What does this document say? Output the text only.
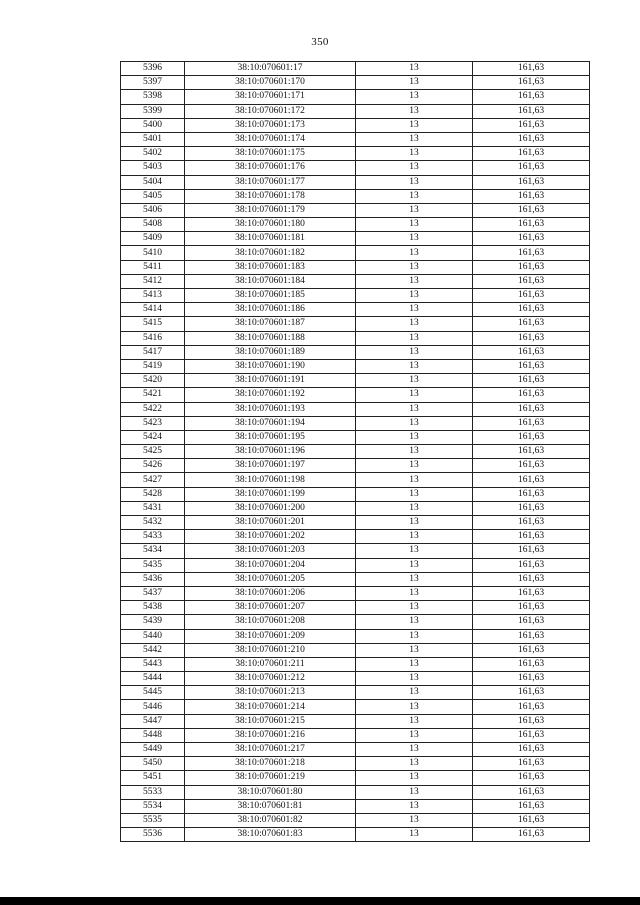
350
5396	38:10:070601:17	13	161,63
5397	38:10:070601:170	13	161,63
5398	38:10:070601:171	13	161,63
5399	38:10:070601:172	13	161,63
5400	38:10:070601:173	13	161,63
5401	38:10:070601:174	13	161,63
5402	38:10:070601:175	13	161,63
5403	38:10:070601:176	13	161,63
5404	38:10:070601:177	13	161,63
5405	38:10:070601:178	13	161,63
5406	38:10:070601:179	13	161,63
5408	38:10:070601:180	13	161,63
5409	38:10:070601:181	13	161,63
5410	38:10:070601:182	13	161,63
5411	38:10:070601:183	13	161,63
5412	38:10:070601:184	13	161,63
5413	38:10:070601:185	13	161,63
5414	38:10:070601:186	13	161,63
5415	38:10:070601:187	13	161,63
5416	38:10:070601:188	13	161,63
5417	38:10:070601:189	13	161,63
5419	38:10:070601:190	13	161,63
5420	38:10:070601:191	13	161,63
5421	38:10:070601:192	13	161,63
5422	38:10:070601:193	13	161,63
5423	38:10:070601:194	13	161,63
5424	38:10:070601:195	13	161,63
5425	38:10:070601:196	13	161,63
5426	38:10:070601:197	13	161,63
5427	38:10:070601:198	13	161,63
5428	38:10:070601:199	13	161,63
5431	38:10:070601:200	13	161,63
5432	38:10:070601:201	13	161,63
5433	38:10:070601:202	13	161,63
5434	38:10:070601:203	13	161,63
5435	38:10:070601:204	13	161,63
5436	38:10:070601:205	13	161,63
5437	38:10:070601:206	13	161,63
5438	38:10:070601:207	13	161,63
5439	38:10:070601:208	13	161,63
5440	38:10:070601:209	13	161,63
5442	38:10:070601:210	13	161,63
5443	38:10:070601:211	13	161,63
5444	38:10:070601:212	13	161,63
5445	38:10:070601:213	13	161,63
5446	38:10:070601:214	13	161,63
5447	38:10:070601:215	13	161,63
5448	38:10:070601:216	13	161,63
5449	38:10:070601:217	13	161,63
5450	38:10:070601:218	13	161,63
5451	38:10:070601:219	13	161,63
5533	38:10:070601:80	13	161,63
5534	38:10:070601:81	13	161,63
5535	38:10:070601:82	13	161,63
5536	38:10:070601:83	13	161,63
